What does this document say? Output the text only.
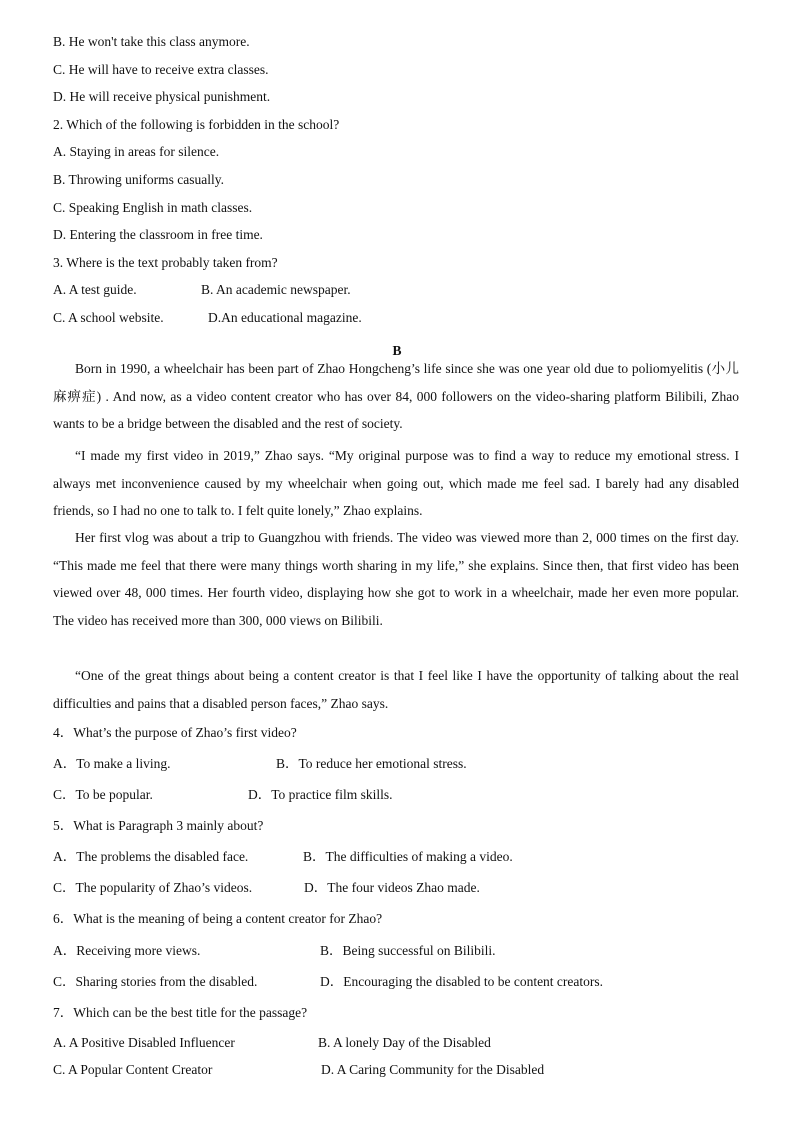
B. He won't take this class anymore.
C. He will have to receive extra classes.
D. He will receive physical punishment.
2. Which of the following is forbidden in the school?
A. Staying in areas for silence.
B. Throwing uniforms casually.
C. Speaking English in math classes.
D. Entering the classroom in free time.
3. Where is the text probably taken from?
A. A test guide.	B. An academic newspaper.
C. A school website.	D.An educational magazine.
B

Born in 1990, a wheelchair has been part of Zhao Hongcheng’s life since she was one year old due to poliomyelitis (小儿麻痹症) . And now, as a video content creator who has over 84, 000 followers on the video-sharing platform Bilibili, Zhao wants to be a bridge between the disabled and the rest of society.

“I made my first video in 2019,” Zhao says. “My original purpose was to find a way to reduce my emotional stress. I always met inconvenience caused by my wheelchair when going out, which made me feel sad. I barely had any disabled friends, so I had no one to talk to. I felt quite lonely,” Zhao explains.

Her first vlog was about a trip to Guangzhou with friends. The video was viewed more than 2, 000 times on the first day. “This made me feel that there were many things worth sharing in my life,” she explains. Since then, that first video has been viewed over 48, 000 times. Her fourth video, displaying how she got to work in a wheelchair, made her even more popular. The video has received more than 300, 000 views on Bilibili.

“One of the great things about being a content creator is that I feel like I have the opportunity of talking about the real difficulties and pains that a disabled person faces,” Zhao says.

4．What’s the purpose of Zhao’s first video?
A．To make a living.	B．To reduce her emotional stress.
C．To be popular.	D．To practice film skills.
5．What is Paragraph 3 mainly about?
A．The problems the disabled face.	B．The difficulties of making a video.
C．The popularity of Zhao’s videos.	D．The four videos Zhao made.
6．What is the meaning of being a content creator for Zhao?
A．Receiving more views.	B．Being successful on Bilibili.
C．Sharing stories from the disabled.	D．Encouraging the disabled to be content creators.
7．Which can be the best title for the passage?
A. A Positive Disabled Influencer	B. A lonely Day of the Disabled
C. A Popular Content Creator	D. A Caring Community for the Disabled
